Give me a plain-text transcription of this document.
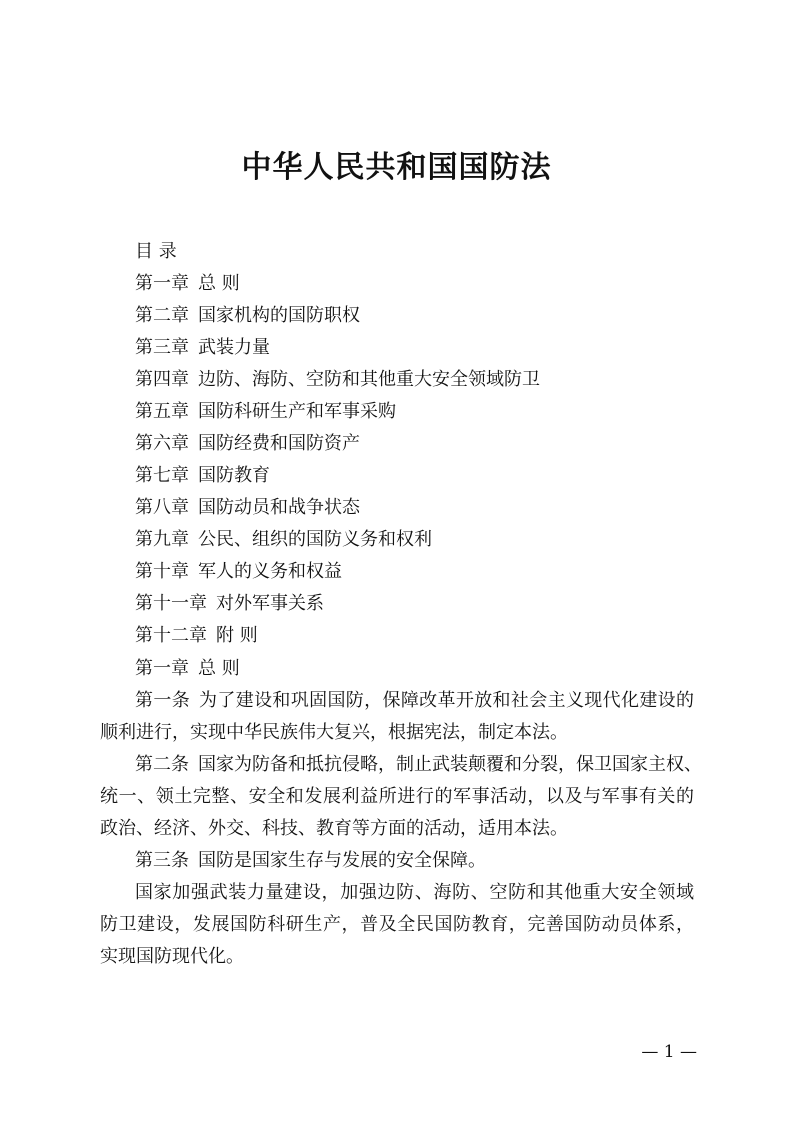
中华人民共和国国防法
目 录
第一章 总 则
第二章 国家机构的国防职权
第三章 武装力量
第四章 边防、海防、空防和其他重大安全领域防卫
第五章 国防科研生产和军事采购
第六章 国防经费和国防资产
第七章 国防教育
第八章 国防动员和战争状态
第九章 公民、组织的国防义务和权利
第十章 军人的义务和权益
第十一章 对外军事关系
第十二章 附 则
第一章 总 则
第一条 为了建设和巩固国防，保障改革开放和社会主义现代化建设的
顺利进行，实现中华民族伟大复兴，根据宪法，制定本法。
第二条 国家为防备和抵抗侵略，制止武装颠覆和分裂，保卫国家主权、
统一、领土完整、安全和发展利益所进行的军事活动，以及与军事有关的
政治、经济、外交、科技、教育等方面的活动，适用本法。
第三条 国防是国家生存与发展的安全保障。
国家加强武装力量建设，加强边防、海防、空防和其他重大安全领域
防卫建设，发展国防科研生产，普及全民国防教育，完善国防动员体系，
实现国防现代化。
— 1 —
